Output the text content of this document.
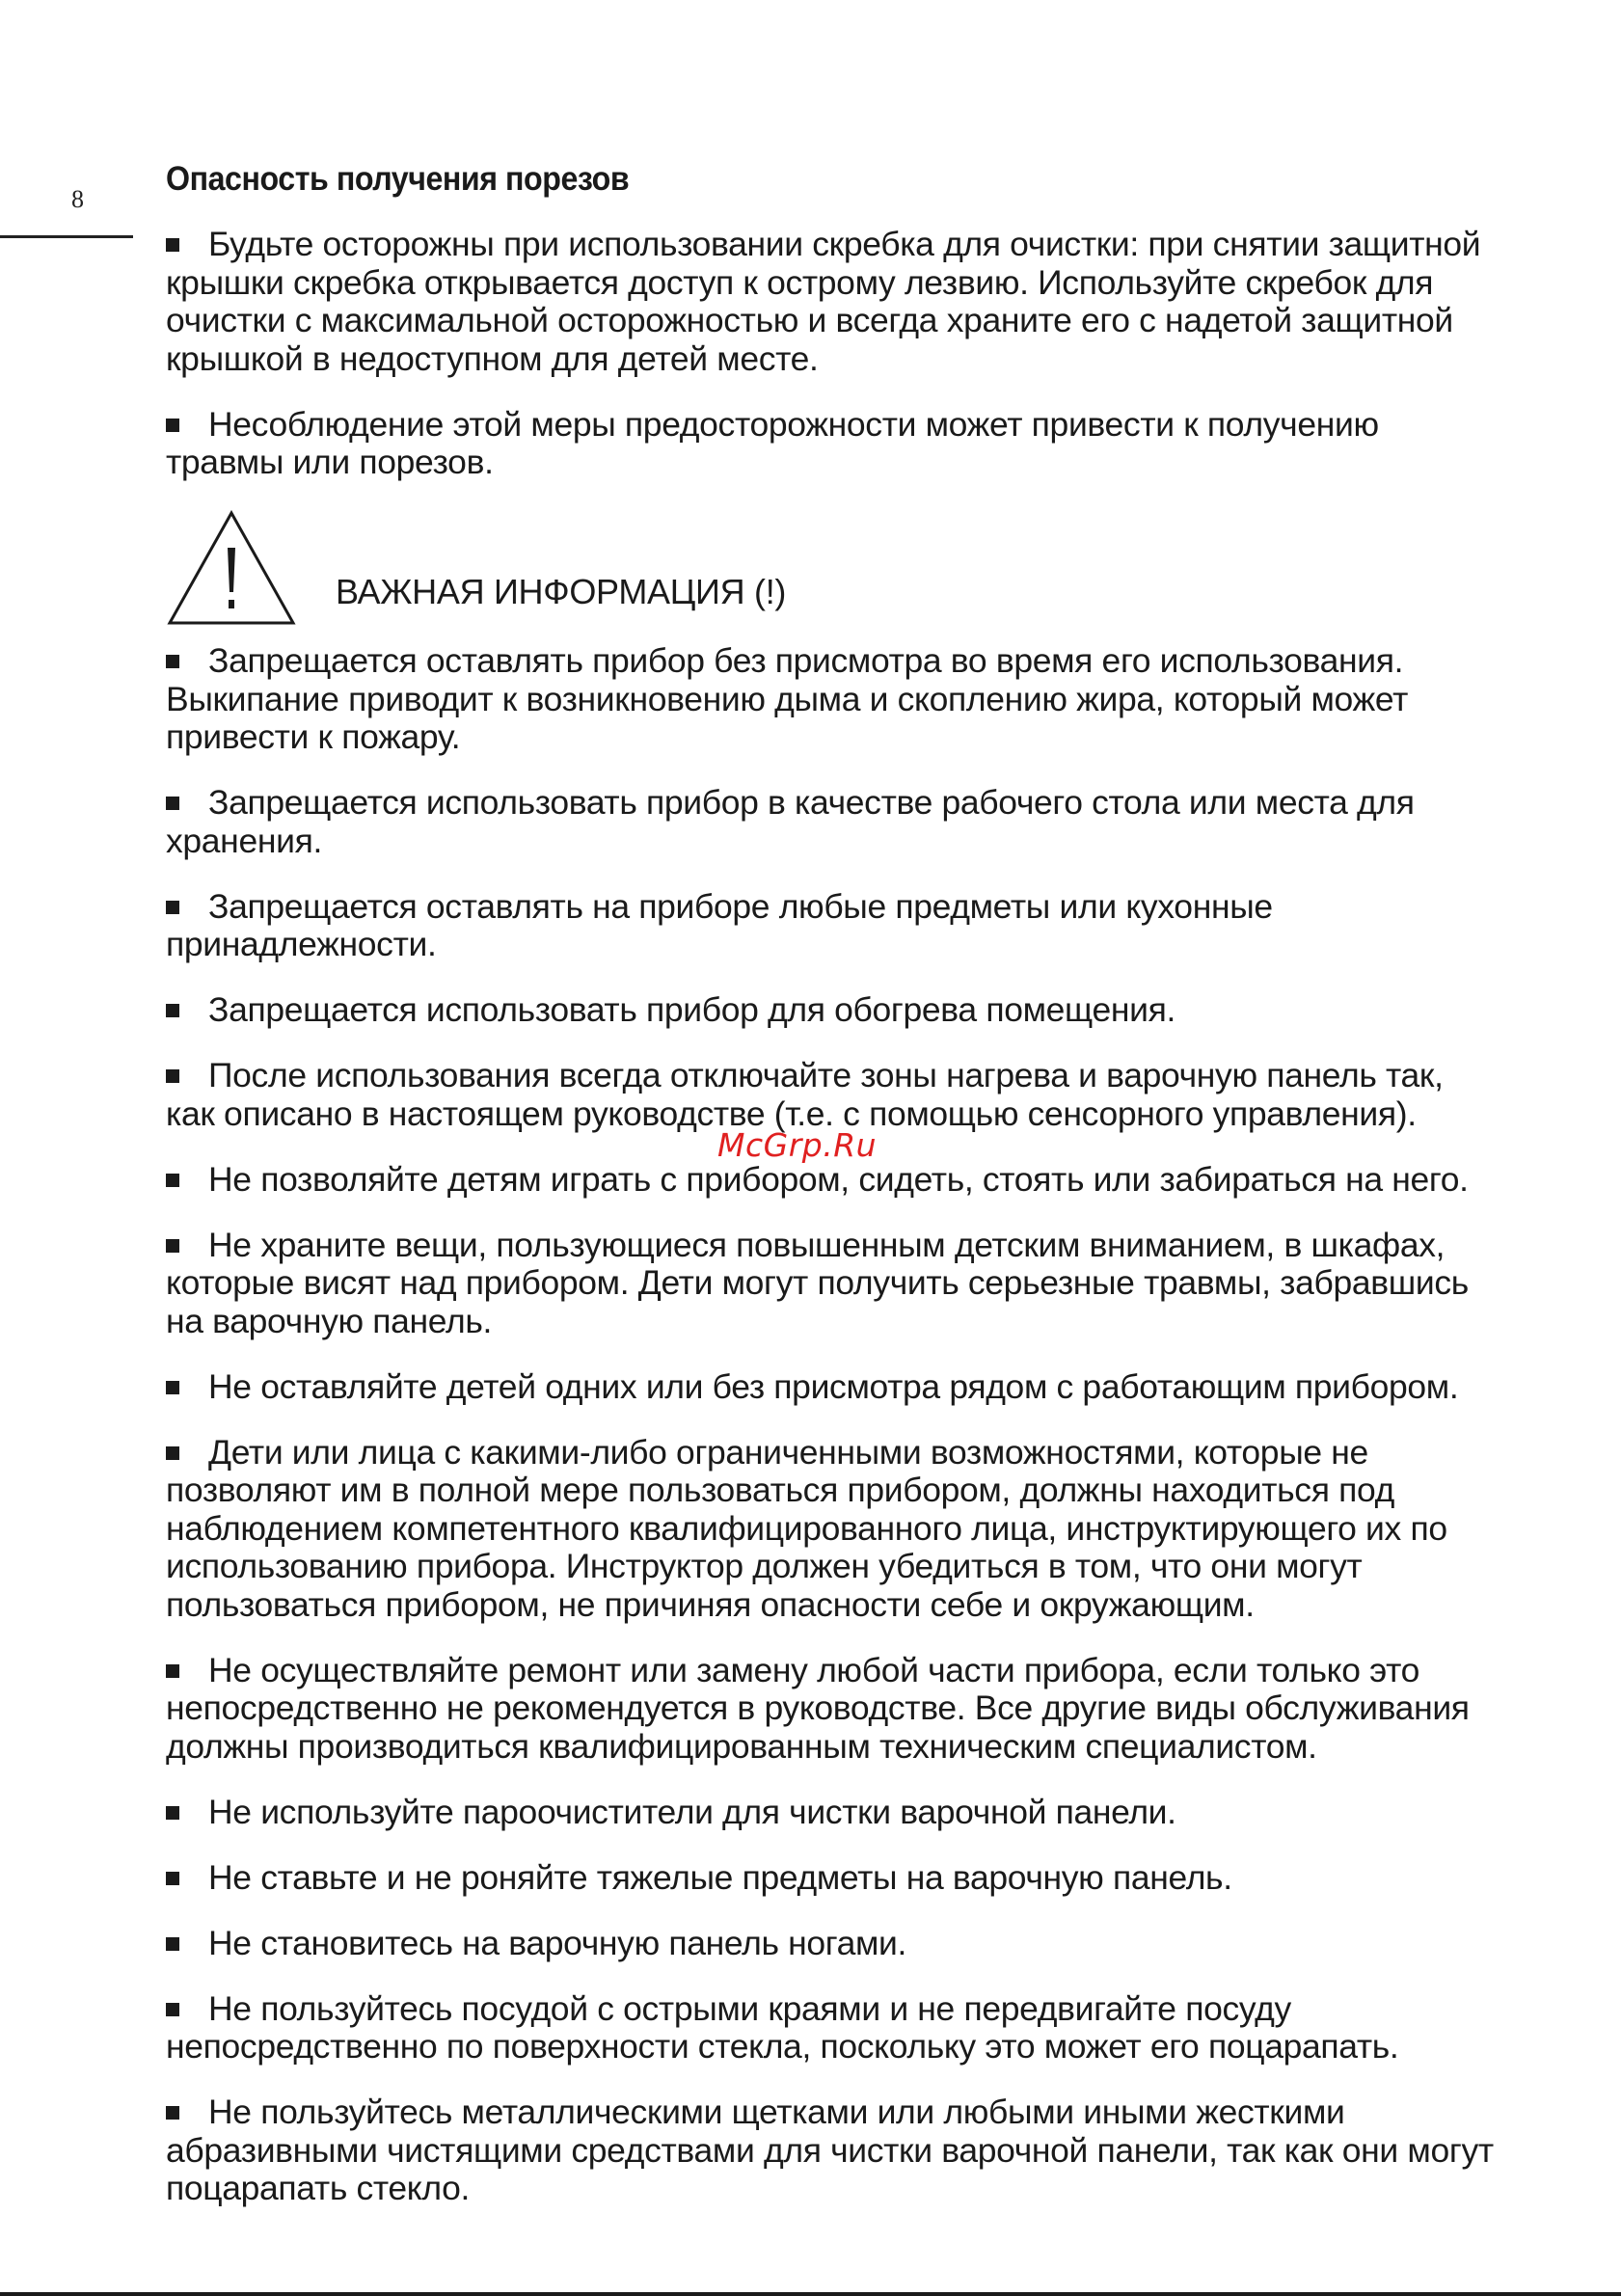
8
Опасность получения порезов
Будьте осторожны при использовании скребка для очистки: при снятии защитной крышки скребка открывается доступ к острому лезвию. Используйте скребок для очистки с максимальной осторожностью и всегда храните его с надетой защитной крышкой в недоступном для детей месте.
Несоблюдение этой меры предосторожности может привести к получению травмы или порезов.
ВАЖНАЯ ИНФОРМАЦИЯ (!)
Запрещается оставлять прибор без присмотра во время его использования. Выкипание приводит к возникновению дыма и скоплению жира, который может привести к пожару.
Запрещается использовать прибор в качестве рабочего стола или места для хранения.
Запрещается оставлять на приборе любые предметы или кухонные принадлежности.
Запрещается использовать прибор для обогрева помещения.
После использования всегда отключайте зоны нагрева и варочную панель так, как описано в настоящем руководстве (т.е. с помощью сенсорного управления).
Не позволяйте детям играть с прибором, сидеть, стоять или забираться на него.
Не храните вещи, пользующиеся повышенным детским вниманием, в шкафах, которые висят над прибором. Дети могут получить серьезные травмы, забравшись на варочную панель.
Не оставляйте детей одних или без присмотра рядом с работающим прибором.
Дети или лица с какими-либо ограниченными возможностями, которые не позволяют им в полной мере пользоваться прибором, должны находиться под наблюдением компетентного квалифицированного лица, инструктирующего их по использованию прибора. Инструктор должен убедиться в том, что они могут пользоваться прибором, не причиняя опасности себе и окружающим.
Не осуществляйте ремонт или замену любой части прибора, если только это непосредственно не рекомендуется в руководстве. Все другие виды обслуживания должны производиться квалифицированным техническим специалистом.
Не используйте пароочистители для чистки варочной панели.
Не ставьте и не роняйте тяжелые предметы на варочную панель.
Не становитесь на варочную панель ногами.
Не пользуйтесь посудой с острыми краями и не передвигайте посуду непосредственно по поверхности стекла, поскольку это может его поцарапать.
Не пользуйтесь металлическими щетками или любыми иными жесткими абразивными чистящими средствами для чистки варочной панели, так как они могут поцарапать стекло.
McGrp.Ru
